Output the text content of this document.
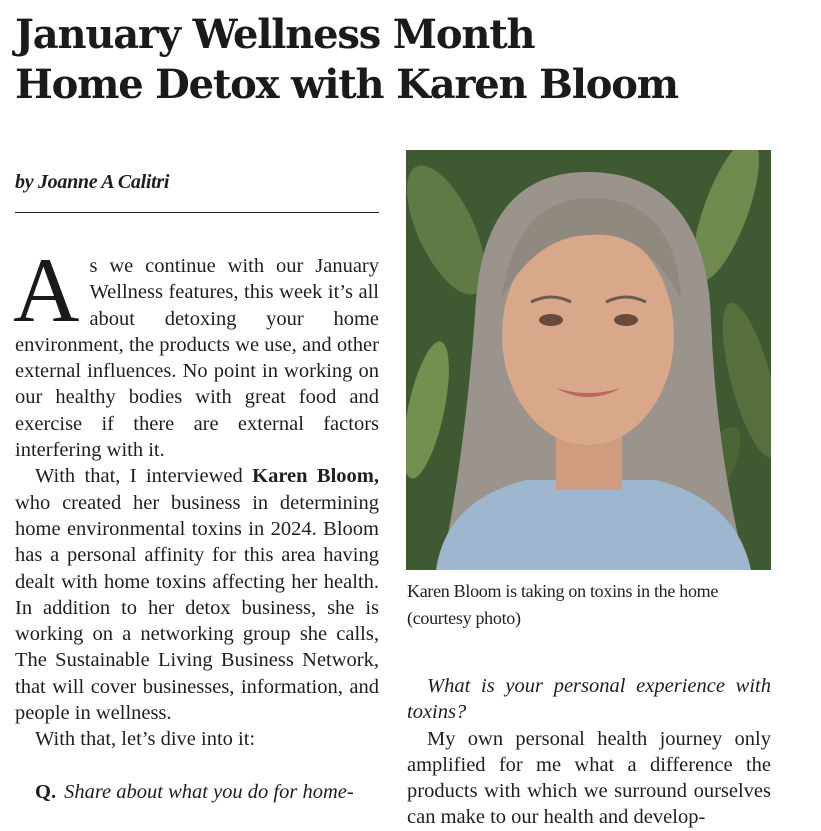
January Wellness Month
Home Detox with Karen Bloom
by Joanne A Calitri

As we continue with our January Wellness features, this week it’s all about detoxing your home environment, the products we use, and other external influences. No point in working on our healthy bodies with great food and exercise if there are external factors interfering with it.

With that, I interviewed Karen Bloom, who created her business in determining home environmental toxins in 2024. Bloom has a personal affinity for this area having dealt with home toxins affecting her health. In addition to her detox business, she is working on a networking group she calls, The Sustainable Living Business Network, that will cover businesses, information, and people in wellness.

With that, let’s dive into it:

Q. Share about what you do for home-

Karen Bloom is taking on toxins in the home
(courtesy photo)

What is your personal experience with toxins?

My own personal health journey only amplified for me what a difference the products with which we surround ourselves can make to our health and develop-
